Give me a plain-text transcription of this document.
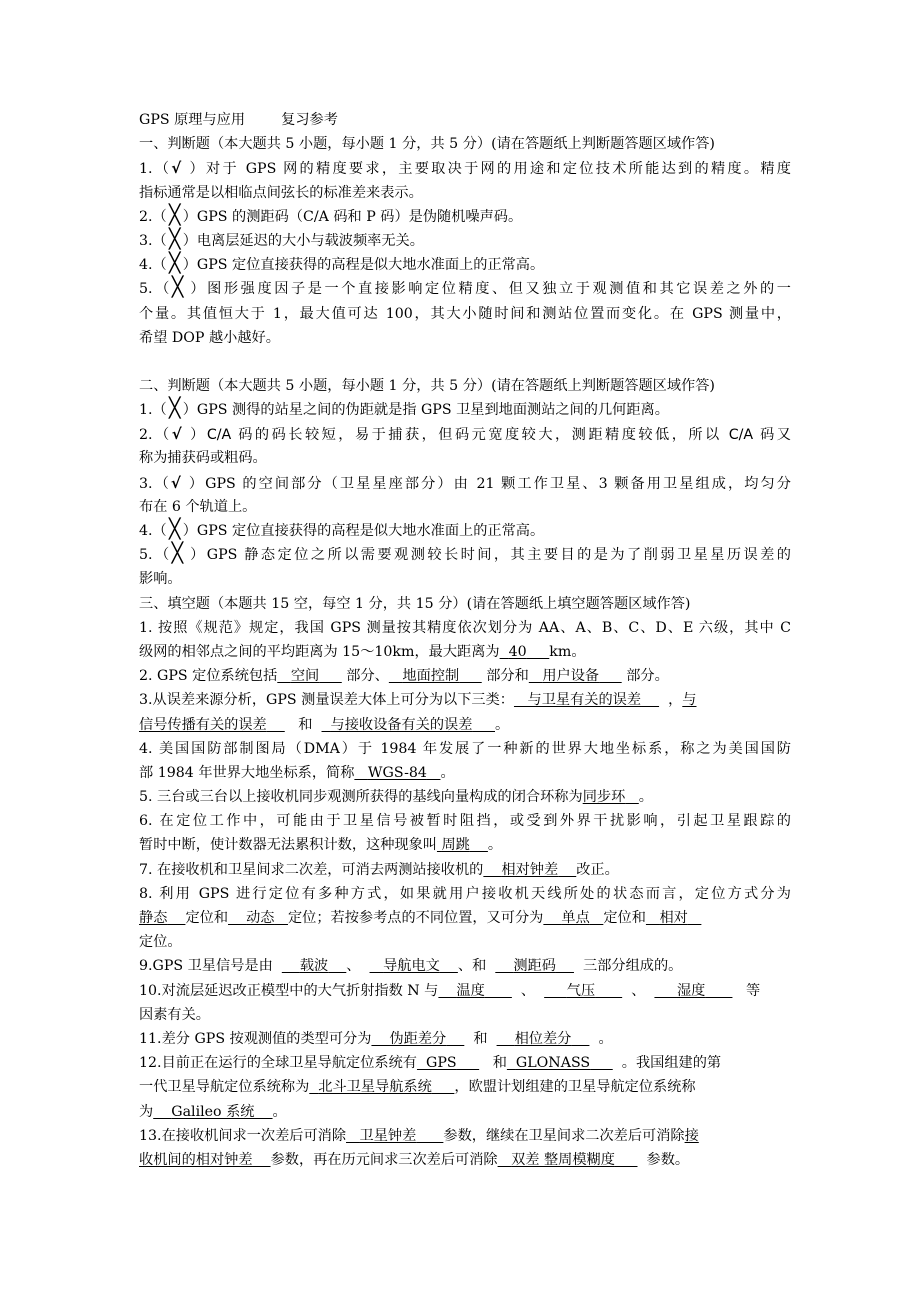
GPS 原理与应用	复习参考
一、判断题（本大题共 5 小题，每小题 1 分，共 5 分）(请在答题纸上判断题答题区域作答)
1.（√ ）对于 GPS 网的精度要求，主要取决于网的用途和定位技术所能达到的精度。精度
指标通常是以相临点间弦长的标准差来表示。
2.（ ╳ ）GPS 的测距码（C/A 码和 P 码）是伪随机噪声码。
3.（ ╳ ）电离层延迟的大小与载波频率无关。
4.（ ╳ ）GPS 定位直接获得的高程是似大地水准面上的正常高。
5.（╳ ）图形强度因子是一个直接影响定位精度、但又独立于观测值和其它误差之外的一
个量。其值恒大于 1，最大值可达 100，其大小随时间和测站位置而变化。在 GPS 测量中，
希望 DOP 越小越好。
二、判断题（本大题共 5 小题，每小题 1 分，共 5 分）(请在答题纸上判断题答题区域作答)
1.（ ╳ ）GPS 测得的站星之间的伪距就是指 GPS 卫星到地面测站之间的几何距离。
2.（√ ）C/A 码的码长较短，易于捕获，但码元宽度较大，测距精度较低，所以 C/A 码又
称为捕获码或粗码。
3.（√ ）GPS 的空间部分（卫星星座部分）由 21 颗工作卫星、3 颗备用卫星组成，均匀分
布在 6 个轨道上。
4.（ ╳ ）GPS 定位直接获得的高程是似大地水准面上的正常高。
5.（╳ ）GPS 静态定位之所以需要观测较长时间，其主要目的是为了削弱卫星星历误差的
影响。
三、填空题（本题共 15 空，每空 1 分，共 15 分）(请在答题纸上填空题答题区域作答)
1. 按照《规范》规定，我国 GPS 测量按其精度依次划分为 AA、A、B、C、D、E 六级，其中 C
级网的相邻点之间的平均距离为 15～10km，最大距离为 40 km。
2. GPS 定位系统包括 空间 部分、 地面控制 部分和 用户设备 部分。
3.从误差来源分析，GPS 测量误差大体上可分为以下三类： 与卫星有关的误差 ，与
信号传播有关的误差 和 与接收设备有关的误差 。
4. 美国国防部制图局（DMA）于 1984 年发展了一种新的世界大地坐标系，称之为美国国防
部 1984 年世界大地坐标系，简称 WGS-84 。
5. 三台或三台以上接收机同步观测所获得的基线向量构成的闭合环称为同步环 。
6. 在定位工作中，可能由于卫星信号被暂时阻挡，或受到外界干扰影响，引起卫星跟踪的
暂时中断，使计数器无法累积计数，这种现象叫 周跳 。
7. 在接收机和卫星间求二次差，可消去两测站接收机的 相对钟差 改正。
8. 利用 GPS 进行定位有多种方式，如果就用户接收机天线所处的状态而言，定位方式分为
静态 定位和 动态 定位；若按参考点的不同位置，又可分为 单点 定位和 相对
定位。
9.GPS 卫星信号是由 载波 、 导航电文 、和 测距码 三部分组成的。
10.对流层延迟改正模型中的大气折射指数 N 与 温度	、 气压	、 湿度	等
因素有关。
11.差分 GPS 按观测值的类型可分为 伪距差分 和 相位差分 。
12.目前正在运行的全球卫星导航定位系统有 GPS	和 GLONASS 。我国组建的第
一代卫星导航定位系统称为 北斗卫星导航系统 ，欧盟计划组建的卫星导航定位系统称
为 Galileo 系统 。
13.在接收机间求一次差后可消除 卫星钟差 参数，继续在卫星间求二次差后可消除接
收机间的相对钟差 参数，再在历元间求三次差后可消除 双差 整周模糊度 参数。
